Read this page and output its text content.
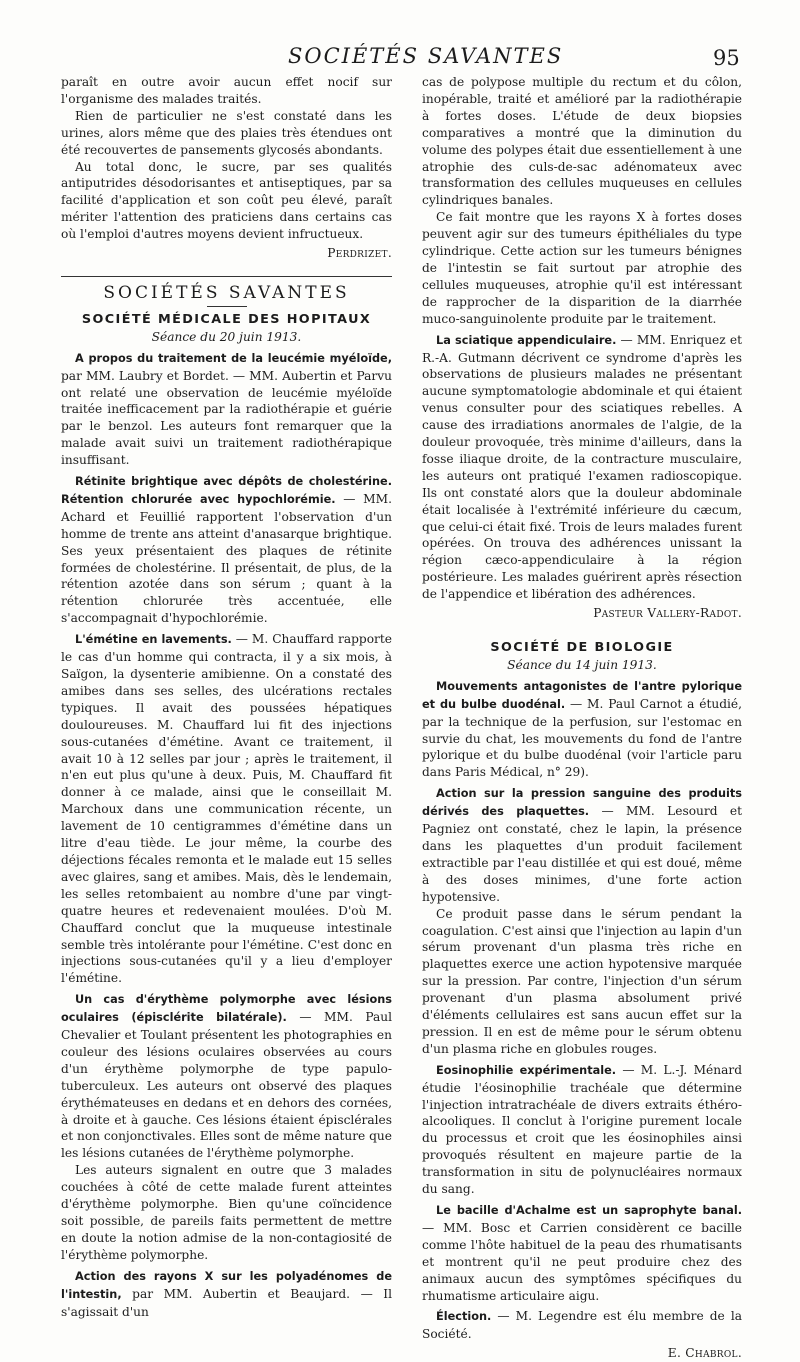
SOCIÉTÉS SAVANTES	95

paraît en outre avoir aucun effet nocif sur l'organisme des malades traités.

Rien de particulier ne s'est constaté dans les urines, alors même que des plaies très étendues ont été recouvertes de pansements glycosés abondants.

Au total donc, le sucre, par ses qualités antiputrides désodorisantes et antiseptiques, par sa facilité d'application et son coût peu élevé, paraît mériter l'attention des praticiens dans certains cas où l'emploi d'autres moyens devient infructueux.

Perdrizet.

SOCIÉTÉS SAVANTES
SOCIÉTÉ MÉDICALE DES HOPITAUX
Séance du 20 juin 1913.

A propos du traitement de la leucémie myéloïde, par MM. Laubry et Bordet. — MM. Aubertin et Parvu ont relaté une observation de leucémie myéloïde traitée inefficacement par la radiothérapie et guérie par le benzol. Les auteurs font remarquer que la malade avait suivi un traitement radiothérapique insuffisant.

Rétinite brightique avec dépôts de cholestérine. Rétention chlorurée avec hypochlorémie. — MM. Achard et Feuillié rapportent l'observation d'un homme de trente ans atteint d'anasarque brightique. Ses yeux présentaient des plaques de rétinite formées de cholestérine. Il présentait, de plus, de la rétention azotée dans son sérum ; quant à la rétention chlorurée très accentuée, elle s'accompagnait d'hypochlorémie.

L'émétine en lavements. — M. Chauffard rapporte le cas d'un homme qui contracta, il y a six mois, à Saïgon, la dysenterie amibienne. On a constaté des amibes dans ses selles, des ulcérations rectales typiques. Il avait des poussées hépatiques douloureuses. M. Chauffard lui fit des injections sous-cutanées d'émétine. Avant ce traitement, il avait 10 à 12 selles par jour ; après le traitement, il n'en eut plus qu'une à deux. Puis, M. Chauffard fit donner à ce malade, ainsi que le conseillait M. Marchoux dans une communication récente, un lavement de 10 centigrammes d'émétine dans un litre d'eau tiède. Le jour même, la courbe des déjections fécales remonta et le malade eut 15 selles avec glaires, sang et amibes. Mais, dès le lendemain, les selles retombaient au nombre d'une par vingt-quatre heures et redevenaient moulées. D'où M. Chauffard conclut que la muqueuse intestinale semble très intolérante pour l'émétine. C'est donc en injections sous-cutanées qu'il y a lieu d'employer l'émétine.

Un cas d'érythème polymorphe avec lésions oculaires (épisclérite bilatérale). — MM. Paul Chevalier et Toulant présentent les photographies en couleur des lésions oculaires observées au cours d'un érythème polymorphe de type papulo-tuberculeux. Les auteurs ont observé des plaques érythémateuses en dedans et en dehors des cornées, à droite et à gauche. Ces lésions étaient épisclérales et non conjonctivales. Elles sont de même nature que les lésions cutanées de l'érythème polymorphe.

Les auteurs signalent en outre que 3 malades couchées à côté de cette malade furent atteintes d'érythème polymorphe. Bien qu'une coïncidence soit possible, de pareils faits permettent de mettre en doute la notion admise de la non-contagiosité de l'érythème polymorphe.

Action des rayons X sur les polyadénomes de l'intestin, par MM. Aubertin et Beaujard. — Il s'agissait d'un

cas de polypose multiple du rectum et du côlon, inopérable, traité et amélioré par la radiothérapie à fortes doses. L'étude de deux biopsies comparatives a montré que la diminution du volume des polypes était due essentiellement à une atrophie des culs-de-sac adénomateux avec transformation des cellules muqueuses en cellules cylindriques banales.

Ce fait montre que les rayons X à fortes doses peuvent agir sur des tumeurs épithéliales du type cylindrique. Cette action sur les tumeurs bénignes de l'intestin se fait surtout par atrophie des cellules muqueuses, atrophie qu'il est intéressant de rapprocher de la disparition de la diarrhée muco-sanguinolente produite par le traitement.

La sciatique appendiculaire. — MM. Enriquez et R.-A. Gutmann décrivent ce syndrome d'après les observations de plusieurs malades ne présentant aucune symptomatologie abdominale et qui étaient venus consulter pour des sciatiques rebelles. A cause des irradiations anormales de l'algie, de la douleur provoquée, très minime d'ailleurs, dans la fosse iliaque droite, de la contracture musculaire, les auteurs ont pratiqué l'examen radioscopique. Ils ont constaté alors que la douleur abdominale était localisée à l'extrémité inférieure du cæcum, que celui-ci était fixé. Trois de leurs malades furent opérées. On trouva des adhérences unissant la région cæco-appendiculaire à la région postérieure. Les malades guérirent après résection de l'appendice et libération des adhérences.

Pasteur Vallery-Radot.

SOCIÉTÉ DE BIOLOGIE
Séance du 14 juin 1913.

Mouvements antagonistes de l'antre pylorique et du bulbe duodénal. — M. Paul Carnot a étudié, par la technique de la perfusion, sur l'estomac en survie du chat, les mouvements du fond de l'antre pylorique et du bulbe duodénal (voir l'article paru dans Paris Médical, n° 29).

Action sur la pression sanguine des produits dérivés des plaquettes. — MM. Lesourd et Pagniez ont constaté, chez le lapin, la présence dans les plaquettes d'un produit facilement extractible par l'eau distillée et qui est doué, même à des doses minimes, d'une forte action hypotensive.

Ce produit passe dans le sérum pendant la coagulation. C'est ainsi que l'injection au lapin d'un sérum provenant d'un plasma très riche en plaquettes exerce une action hypotensive marquée sur la pression. Par contre, l'injection d'un sérum provenant d'un plasma absolument privé d'éléments cellulaires est sans aucun effet sur la pression. Il en est de même pour le sérum obtenu d'un plasma riche en globules rouges.

Eosinophilie expérimentale. — M. L.-J. Ménard étudie l'éosinophilie trachéale que détermine l'injection intratrachéale de divers extraits éthéro-alcooliques. Il conclut à l'origine purement locale du processus et croit que les éosinophiles ainsi provoqués résultent en majeure partie de la transformation in situ de polynucléaires normaux du sang.

Le bacille d'Achalme est un saprophyte banal. — MM. Bosc et Carrien considèrent ce bacille comme l'hôte habituel de la peau des rhumatisants et montrent qu'il ne peut produire chez des animaux aucun des symptômes spécifiques du rhumatisme articulaire aigu.

Élection. — M. Legendre est élu membre de la Société.

E. Chabrol.
